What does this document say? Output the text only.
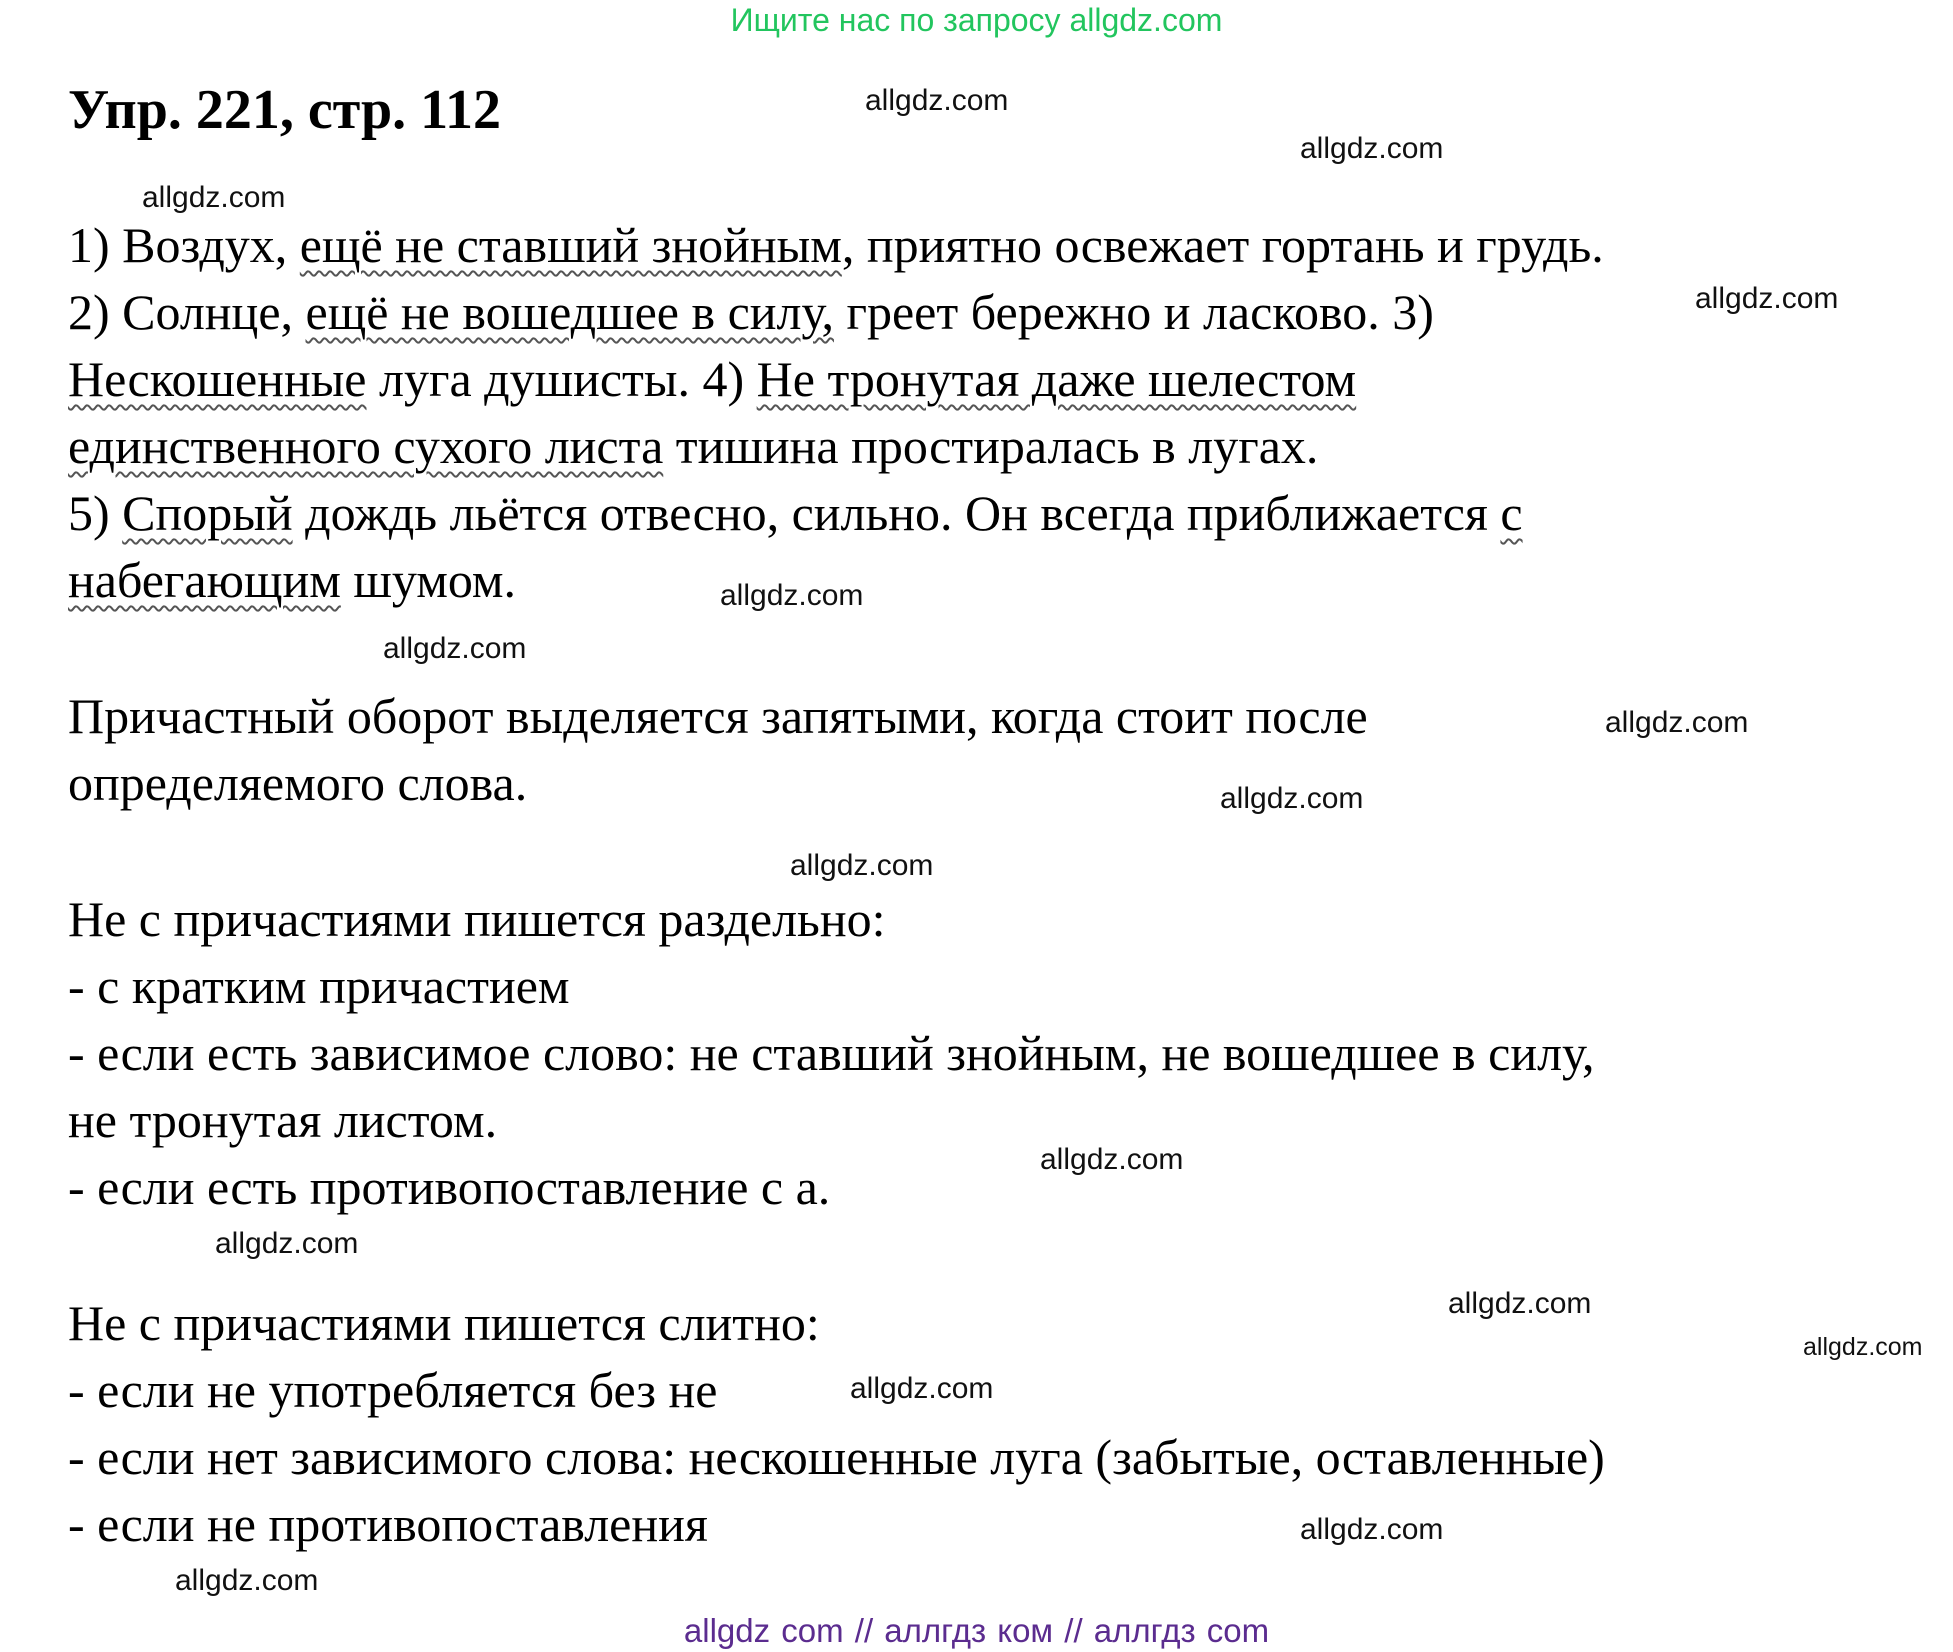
Ищите нас по запросу allgdz.com
Упр. 221, стр. 112
1) Воздух, ещё не ставший знойным, приятно освежает гортань и грудь.
2) Солнце, ещё не вошедшее в силу, греет бережно и ласково. 3)
Нескошенные луга душисты. 4) Не тронутая даже шелестом
единственного сухого листа тишина простиралась в лугах.
5) Спорый дождь льётся отвесно, сильно. Он всегда приближается с
набегающим шумом.
Причастный оборот выделяется запятыми, когда стоит после
определяемого слова.
Не с причастиями пишется раздельно:
- с кратким причастием
- если есть зависимое слово: не ставший знойным, не вошедшее в силу,
не тронутая листом.
- если есть противопоставление с а.
Не с причастиями пишется слитно:
- если не употребляется без не
- если нет зависимого слова: нескошенные луга (забытые, оставленные)
- если не противопоставления
allgdz.com
allgdz.com
allgdz.com
allgdz.com
allgdz.com
allgdz.com
allgdz.com
allgdz.com
allgdz.com
allgdz.com
allgdz.com
allgdz.com
allgdz.com
allgdz.com
allgdz.com
allgdz.com
allgdz com // аллгдз ком // аллгдз com
